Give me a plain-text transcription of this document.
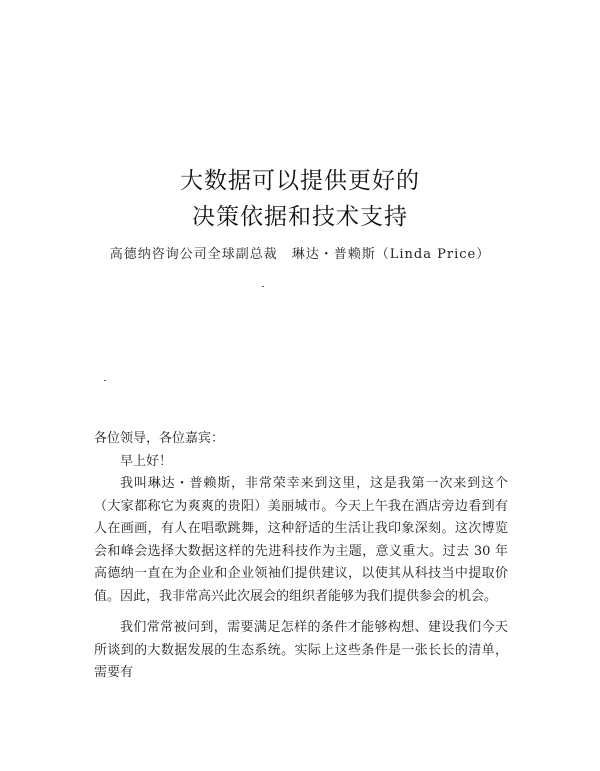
大数据可以提供更好的
决策依据和技术支持

高德纳咨询公司全球副总裁　琳达・普赖斯（Linda Price）

各位领导，各位嘉宾：

早上好！

我叫琳达・普赖斯，非常荣幸来到这里，这是我第一次来到这个（大家都称它为爽爽的贵阳）美丽城市。今天上午我在酒店旁边看到有人在画画，有人在唱歌跳舞，这种舒适的生活让我印象深刻。这次博览会和峰会选择大数据这样的先进科技作为主题，意义重大。过去 30 年高德纳一直在为企业和企业领袖们提供建议，以使其从科技当中提取价值。因此，我非常高兴此次展会的组织者能够为我们提供参会的机会。

我们常常被问到，需要满足怎样的条件才能够构想、建设我们今天所谈到的大数据发展的生态系统。实际上这些条件是一张长长的清单，需要有
